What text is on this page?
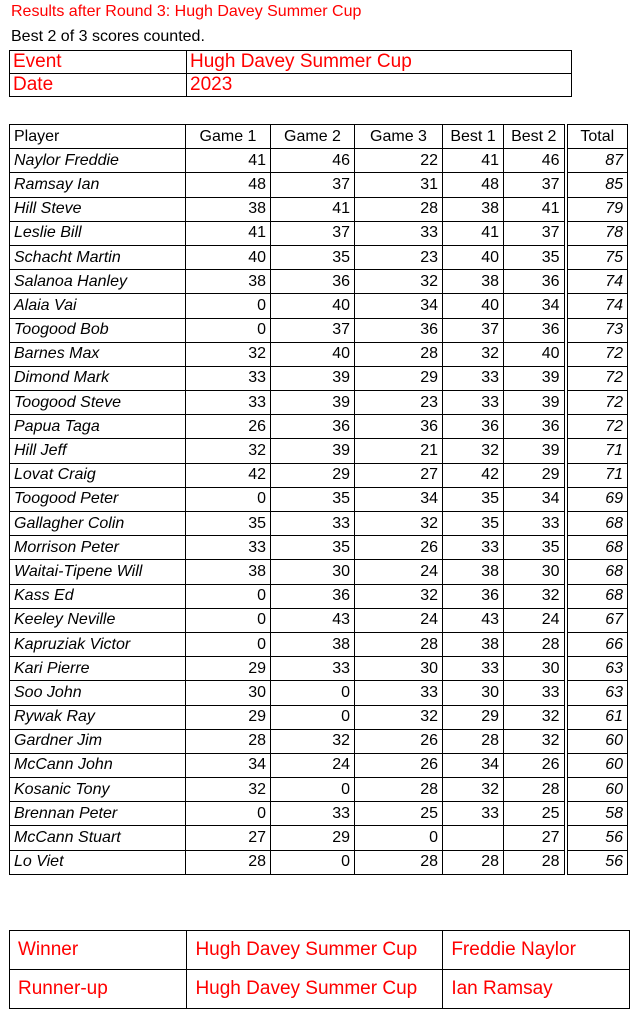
Results after Round 3: Hugh Davey Summer Cup
Best 2 of 3 scores counted.
Event	Hugh Davey Summer Cup
Date	2023
Player	Game 1	Game 2	Game 3	Best 1	Best 2	Total
Naylor Freddie	41	46	22	41	46	87
Ramsay Ian	48	37	31	48	37	85
Hill Steve	38	41	28	38	41	79
Leslie Bill	41	37	33	41	37	78
Schacht Martin	40	35	23	40	35	75
Salanoa Hanley	38	36	32	38	36	74
Alaia Vai	0	40	34	40	34	74
Toogood Bob	0	37	36	37	36	73
Barnes Max	32	40	28	32	40	72
Dimond Mark	33	39	29	33	39	72
Toogood Steve	33	39	23	33	39	72
Papua Taga	26	36	36	36	36	72
Hill Jeff	32	39	21	32	39	71
Lovat Craig	42	29	27	42	29	71
Toogood Peter	0	35	34	35	34	69
Gallagher Colin	35	33	32	35	33	68
Morrison Peter	33	35	26	33	35	68
Waitai-Tipene Will	38	30	24	38	30	68
Kass Ed	0	36	32	36	32	68
Keeley Neville	0	43	24	43	24	67
Kapruziak Victor	0	38	28	38	28	66
Kari Pierre	29	33	30	33	30	63
Soo John	30	0	33	30	33	63
Rywak Ray	29	0	32	29	32	61
Gardner Jim	28	32	26	28	32	60
McCann John	34	24	26	34	26	60
Kosanic Tony	32	0	28	32	28	60
Brennan Peter	0	33	25	33	25	58
McCann Stuart	27	29	0		27	56
Lo Viet	28	0	28	28	28	56
Winner	Hugh Davey Summer Cup	Freddie Naylor
Runner-up	Hugh Davey Summer Cup	Ian Ramsay
